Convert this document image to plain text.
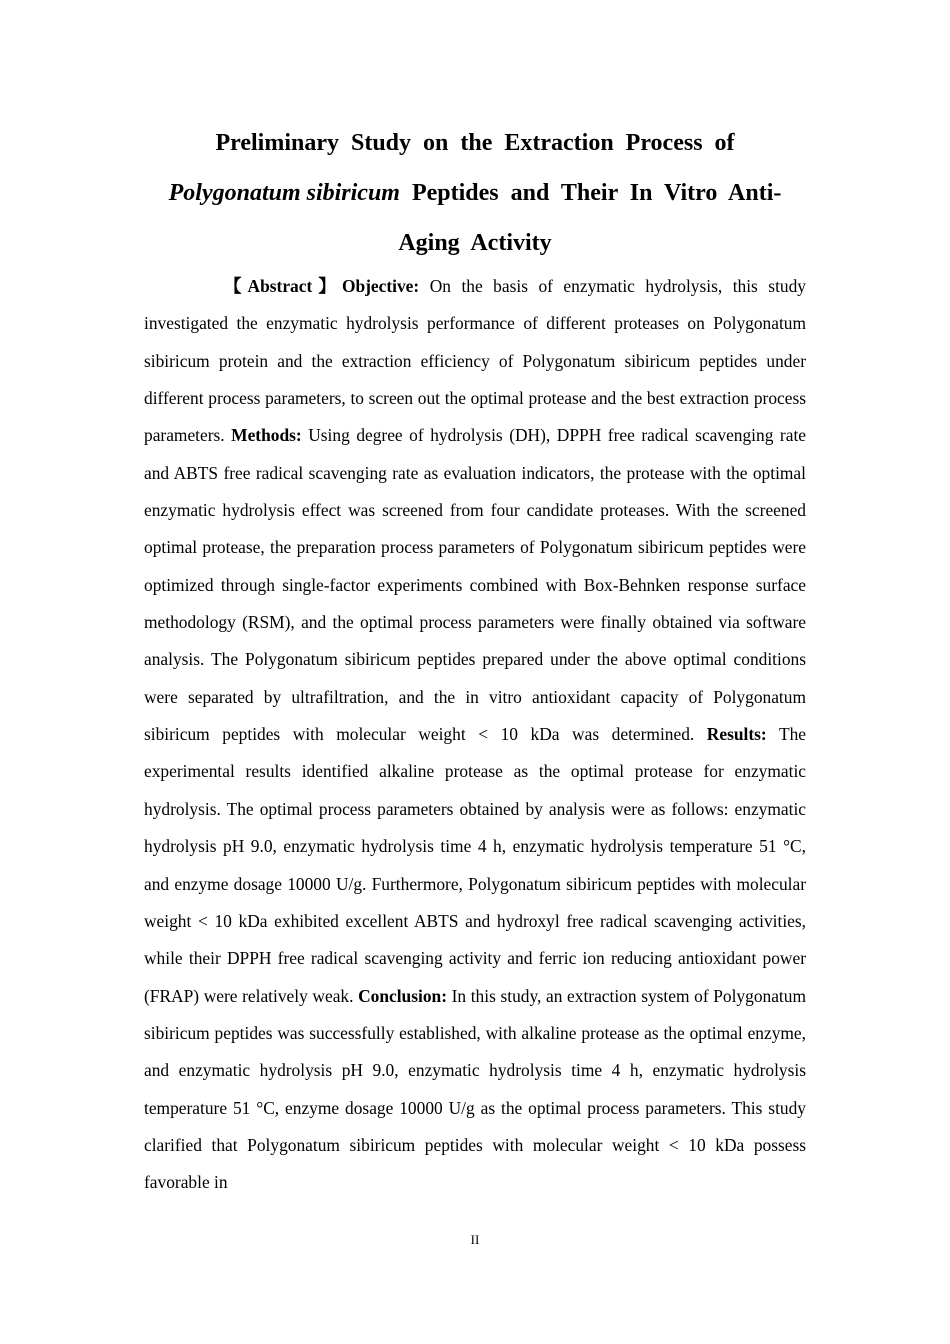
Preliminary Study on the Extraction Process of
Polygonatum sibiricum Peptides and Their In Vitro Anti-Aging Activity

【Abstract】Objective: On the basis of enzymatic hydrolysis, this study investigated the enzymatic hydrolysis performance of different proteases on Polygonatum sibiricum protein and the extraction efficiency of Polygonatum sibiricum peptides under different process parameters, to screen out the optimal protease and the best extraction process parameters. Methods: Using degree of hydrolysis (DH), DPPH free radical scavenging rate and ABTS free radical scavenging rate as evaluation indicators, the protease with the optimal enzymatic hydrolysis effect was screened from four candidate proteases. With the screened optimal protease, the preparation process parameters of Polygonatum sibiricum peptides were optimized through single-factor experiments combined with Box-Behnken response surface methodology (RSM), and the optimal process parameters were finally obtained via software analysis. The Polygonatum sibiricum peptides prepared under the above optimal conditions were separated by ultrafiltration, and the in vitro antioxidant capacity of Polygonatum sibiricum peptides with molecular weight < 10 kDa was determined. Results: The experimental results identified alkaline protease as the optimal protease for enzymatic hydrolysis. The optimal process parameters obtained by analysis were as follows: enzymatic hydrolysis pH 9.0, enzymatic hydrolysis time 4 h, enzymatic hydrolysis temperature 51 °C, and enzyme dosage 10000 U/g. Furthermore, Polygonatum sibiricum peptides with molecular weight < 10 kDa exhibited excellent ABTS and hydroxyl free radical scavenging activities, while their DPPH free radical scavenging activity and ferric ion reducing antioxidant power (FRAP) were relatively weak. Conclusion: In this study, an extraction system of Polygonatum sibiricum peptides was successfully established, with alkaline protease as the optimal enzyme, and enzymatic hydrolysis pH 9.0, enzymatic hydrolysis time 4 h, enzymatic hydrolysis temperature 51 °C, enzyme dosage 10000 U/g as the optimal process parameters. This study clarified that Polygonatum sibiricum peptides with molecular weight < 10 kDa possess favorable in

II
